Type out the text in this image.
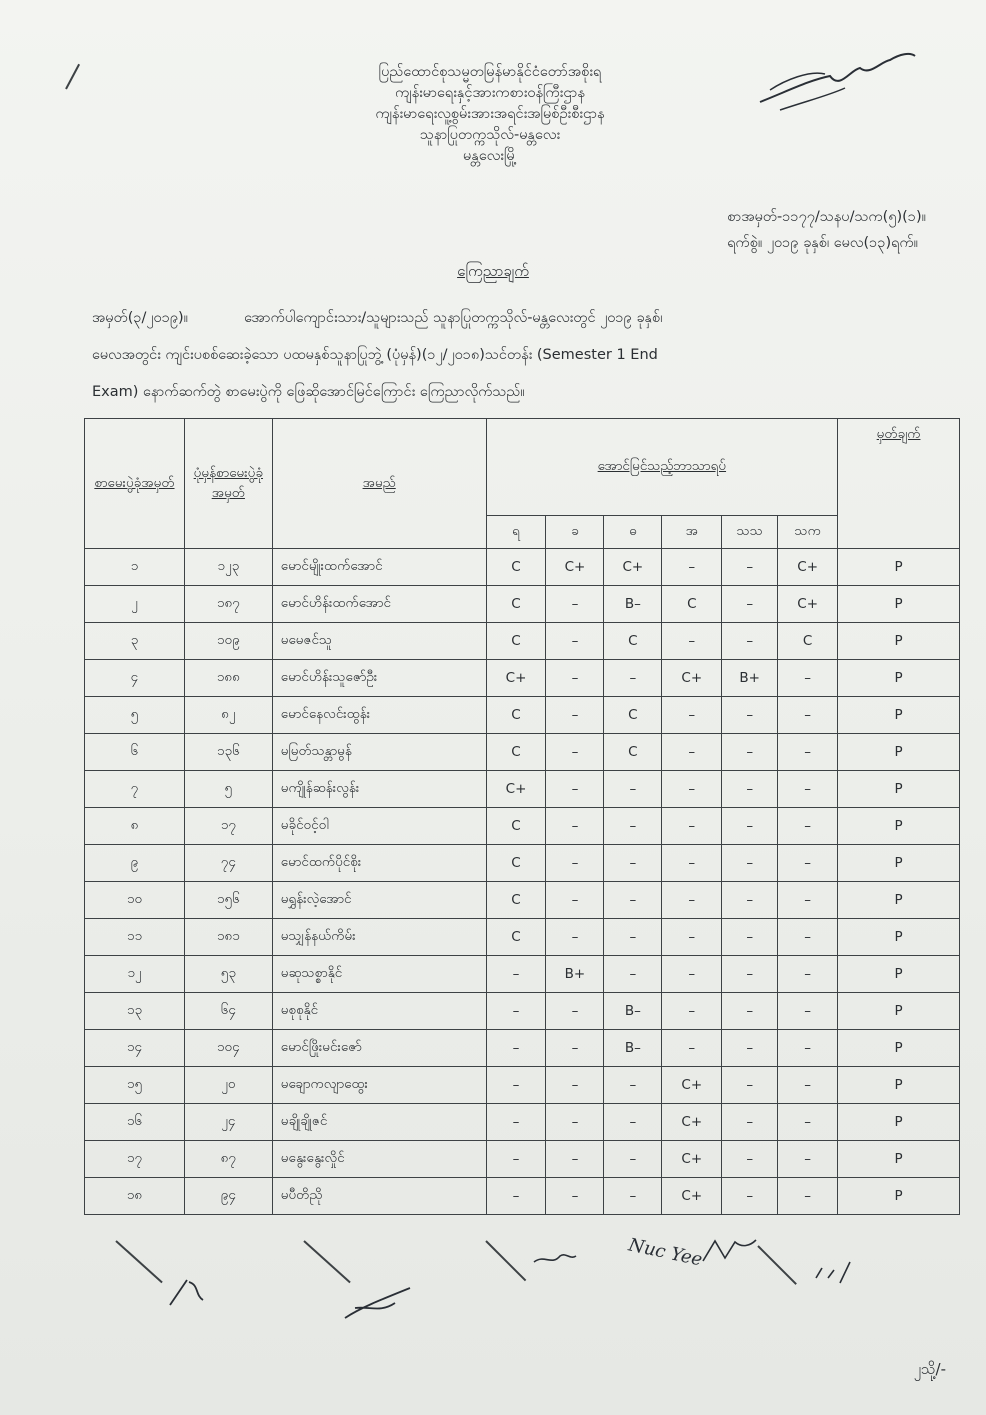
ပြည်ထောင်စုသမ္မတမြန်မာနိုင်ငံတော်အစိုးရ
ကျန်းမာရေးနှင့်အားကစားဝန်ကြီးဌာန
ကျန်းမာရေးလူ့စွမ်းအားအရင်းအမြစ်ဦးစီးဌာန
သူနာပြုတက္ကသိုလ်-မန္တလေး
မန္တလေးမြို့
စာအမှတ်-၁၁၇၇/သနပ/သက(၅)(၁)။
ရက်စွဲ။ ၂၀၁၉ ခုနှစ်၊ မေလ(၁၃)ရက်။
ကြေညာချက်
အမှတ်(၃/၂၀၁၉)။	အောက်ပါကျောင်းသား/သူများသည် သူနာပြုတက္ကသိုလ်-မန္တလေးတွင် ၂၀၁၉ ခုနှစ်၊
မေလအတွင်း ကျင်းပစစ်ဆေးခဲ့သော ပထမနှစ်သူနာပြုဘွဲ့ (ပုံမှန်)(၁၂/၂၀၁၈)သင်တန်း (Semester 1 End
Exam) နောက်ဆက်တွဲ စာမေးပွဲကို ဖြေဆိုအောင်မြင်ကြောင်း ကြေညာလိုက်သည်။
စာမေးပွဲခုံအမှတ်	ပုံမှန်စာမေးပွဲခုံအမှတ်	အမည်	အောင်မြင်သည့်ဘာသာရပ်						မှတ်ချက်
			ရ	ခ	ဓ	အ	သသ	သက	
၁	၁၂၃	မောင်မျိုးထက်အောင်	C	C+	C+	–	–	C+	P
၂	၁၈၇	မောင်ဟိန်းထက်အောင်	C	–	B–	C	–	C+	P
၃	၁၀၉	မမေဇင်သူ	C	–	C	–	–	C	P
၄	၁၈၈	မောင်ဟိန်းသူဇော်ဦး	C+	–	–	C+	B+	–	P
၅	၈၂	မောင်နေလင်းထွန်း	C	–	C	–	–	–	P
၆	၁၃၆	မမြတ်သန္တာမွန်	C	–	C	–	–	–	P
၇	၅	မကျိုန်ဆန်းလွန်း	C+	–	–	–	–	–	P
၈	၁၇	မခိုင်ဝင့်ဝါ	C	–	–	–	–	–	P
၉	၇၄	မောင်ထက်ပိုင်စိုး	C	–	–	–	–	–	P
၁၀	၁၅၆	မရွှန်းလဲ့အောင်	C	–	–	–	–	–	P
၁၁	၁၈၁	မသျှန်နယ်ကိမ်း	C	–	–	–	–	–	P
၁၂	၅၃	မဆုသစ္စာနိုင်	–	B+	–	–	–	–	P
၁၃	၆၄	မစုစုနိုင်	–	–	B–	–	–	–	P
၁၄	၁၀၄	မောင်ဖြိုးမင်းဇော်	–	–	B–	–	–	–	P
၁၅	၂၀	မချောကလျာထွေး	–	–	–	C+	–	–	P
၁၆	၂၄	မချိုချိုဇင်	–	–	–	C+	–	–	P
၁၇	၈၇	မနွေးနွေးလှိုင်	–	–	–	C+	–	–	P
၁၈	၉၄	မပီတိညို	–	–	–	C+	–	–	P
Nuc Yee
၂သို့/-
